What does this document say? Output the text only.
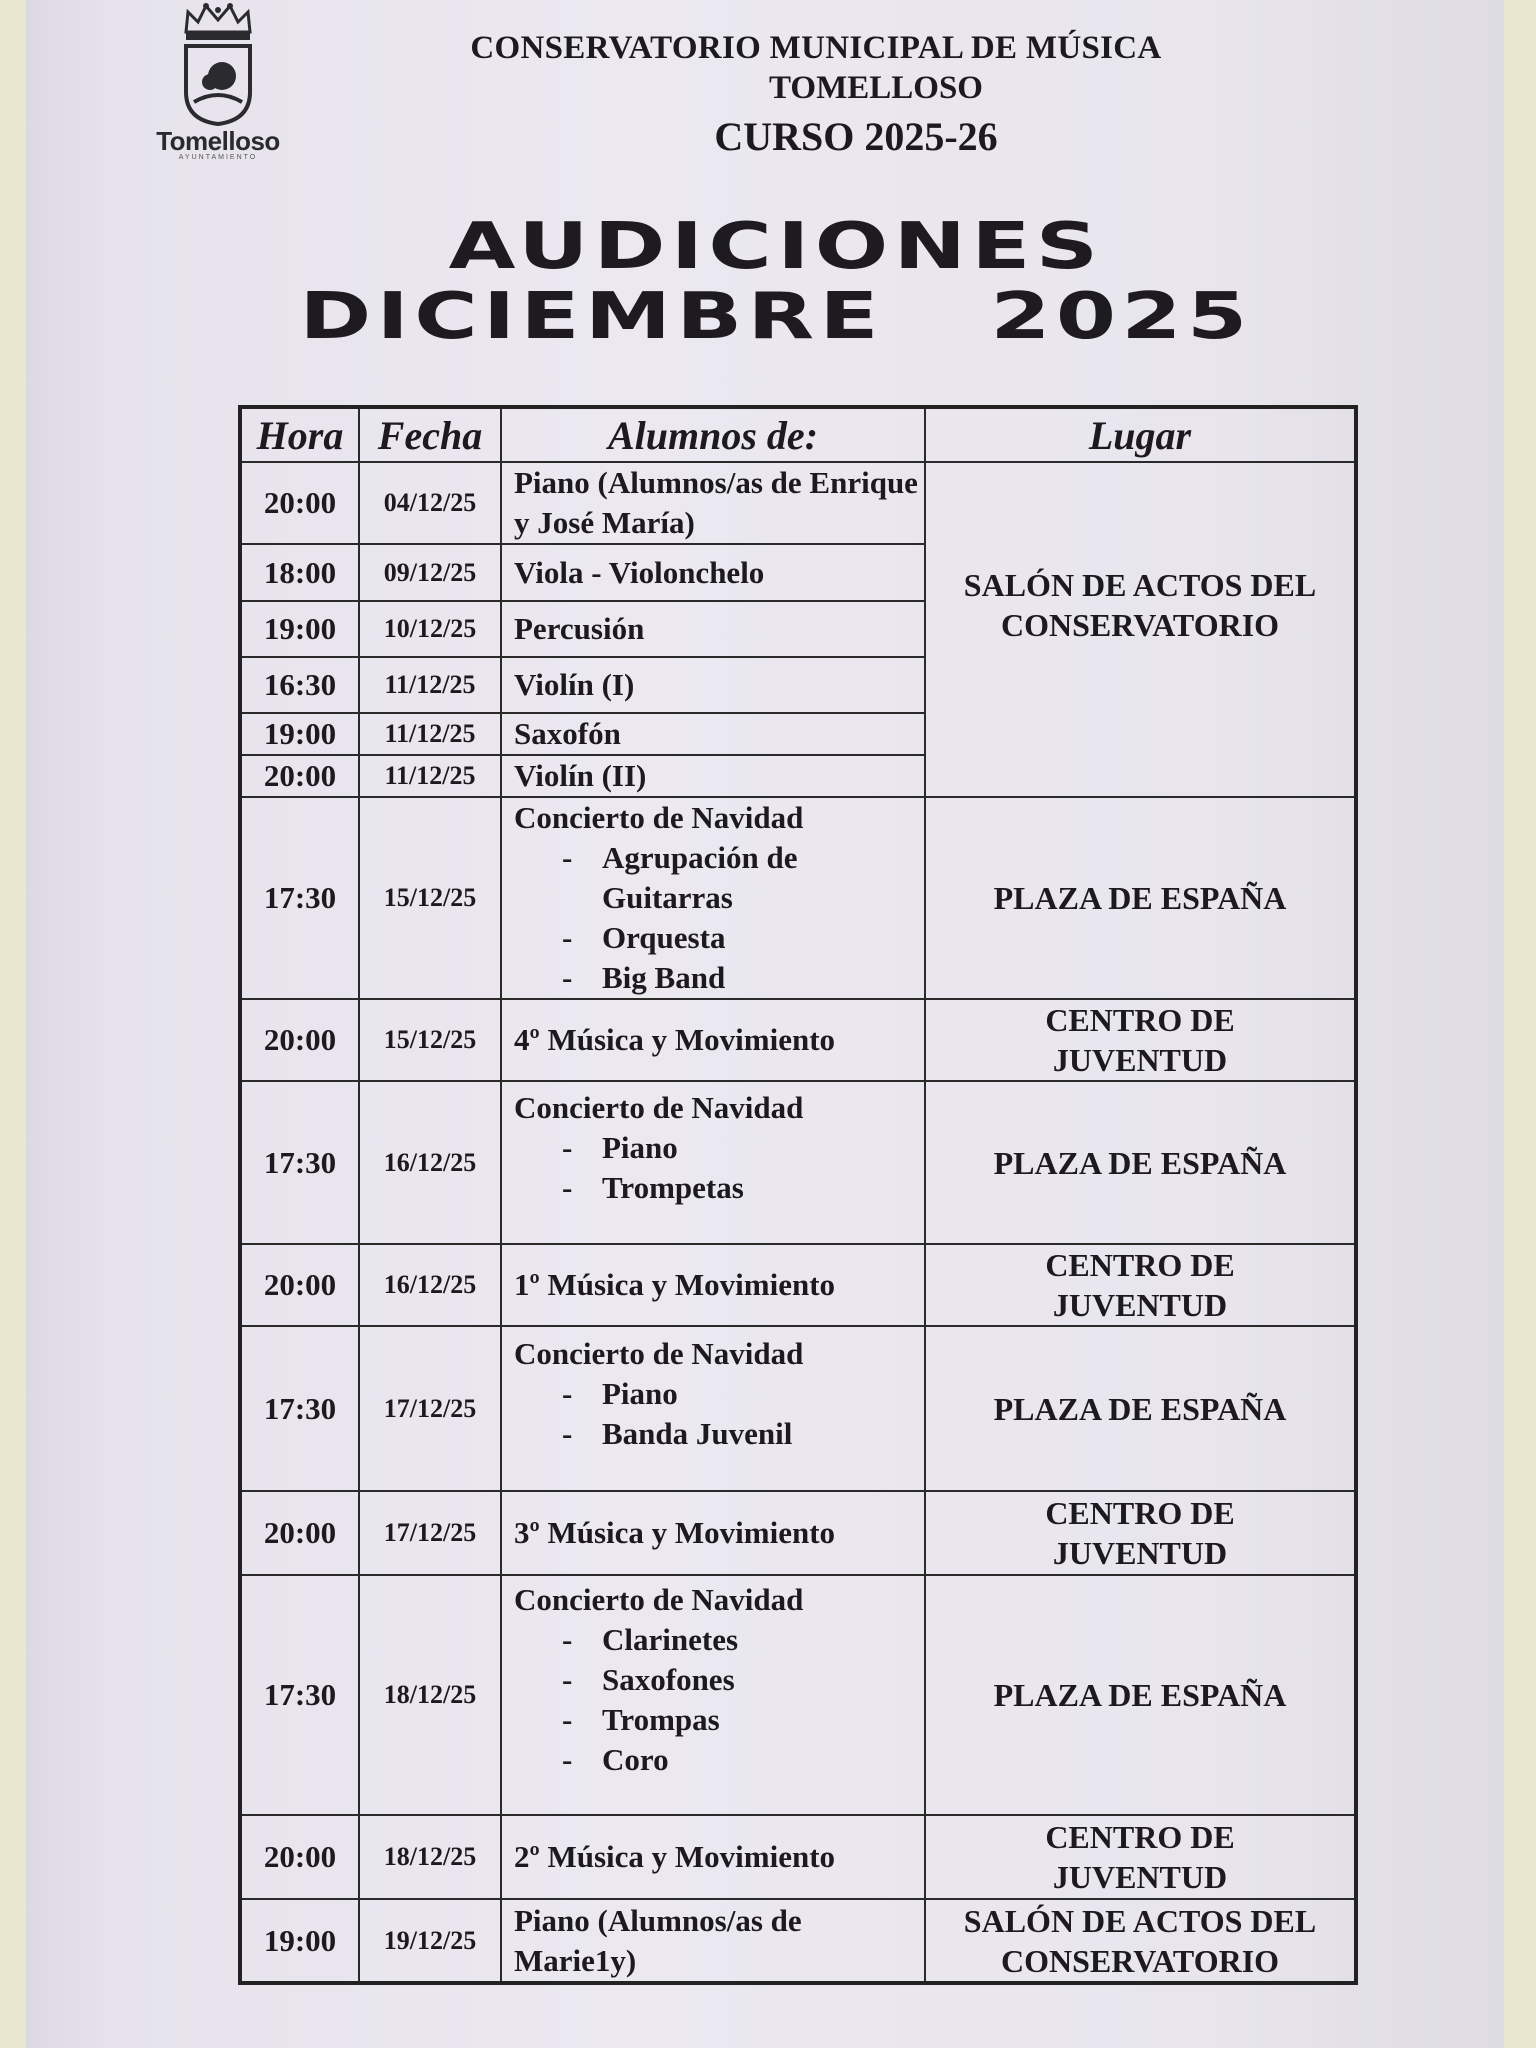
Tomelloso
AYUNTAMIENTO
CONSERVATORIO MUNICIPAL DE MÚSICA
TOMELLOSO
CURSO 2025-26
AUDICIONES
DICIEMBRE   2025
Hora	Fecha	Alumnos de:	Lugar
20:00	04/12/25	Piano (Alumnos/as de Enrique y José María)	SALÓN DE ACTOS DEL CONSERVATORIO

18:00	09/12/25	Viola - Violonchelo	
19:00	10/12/25	Percusión	
16:30	11/12/25	Violín (I)	
19:00	11/12/25	Saxofón	
20:00	11/12/25	Violín (II)	
17:30	15/12/25	Concierto de Navidad
- Agrupación de Guitarras
- Orquesta
- Big Band	PLAZA DE ESPAÑA
20:00	15/12/25	4º Música y Movimiento	CENTRO DE JUVENTUD

17:30	16/12/25	Concierto de Navidad
- Piano
- Trompetas	PLAZA DE ESPAÑA
20:00	16/12/25	1º Música y Movimiento	CENTRO DE JUVENTUD

17:30	17/12/25	Concierto de Navidad
- Piano
- Banda Juvenil	PLAZA DE ESPAÑA
20:00	17/12/25	3º Música y Movimiento	CENTRO DE JUVENTUD

17:30	18/12/25	Concierto de Navidad
- Clarinetes
- Saxofones
- Trompas
- Coro	PLAZA DE ESPAÑA
20:00	18/12/25	2º Música y Movimiento	CENTRO DE JUVENTUD

19:00	19/12/25	Piano (Alumnos/as de Marie1y)	SALÓN DE ACTOS DEL CONSERVATORIO
